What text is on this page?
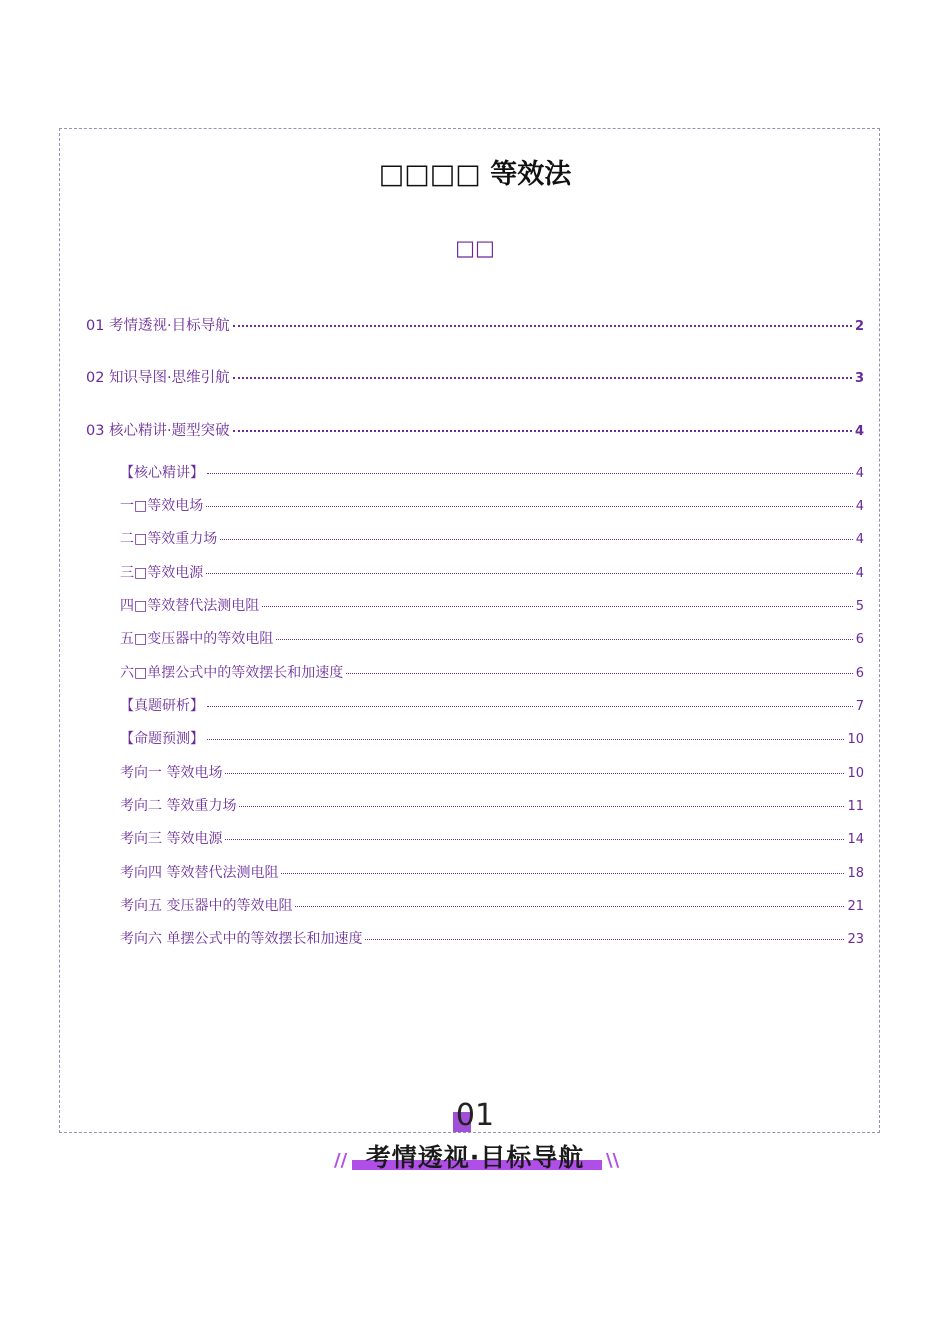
□□□□ 等效法
□□
01 考情透视·目标导航	2
02 知识导图·思维引航	3
03 核心精讲·题型突破	4
【核心精讲】	4
一□等效电场	4
二□等效重力场	4
三□等效电源	4
四□等效替代法测电阻	5
五□变压器中的等效电阻	6
六□单摆公式中的等效摆长和加速度	6
【真题研析】	7
【命题预测】	10
考向一 等效电场	10
考向二 等效重力场	11
考向三 等效电源	14
考向四 等效替代法测电阻	18
考向五 变压器中的等效电阻	21
考向六 单摆公式中的等效摆长和加速度	23
01
// 考情透视·目标导航	\\
